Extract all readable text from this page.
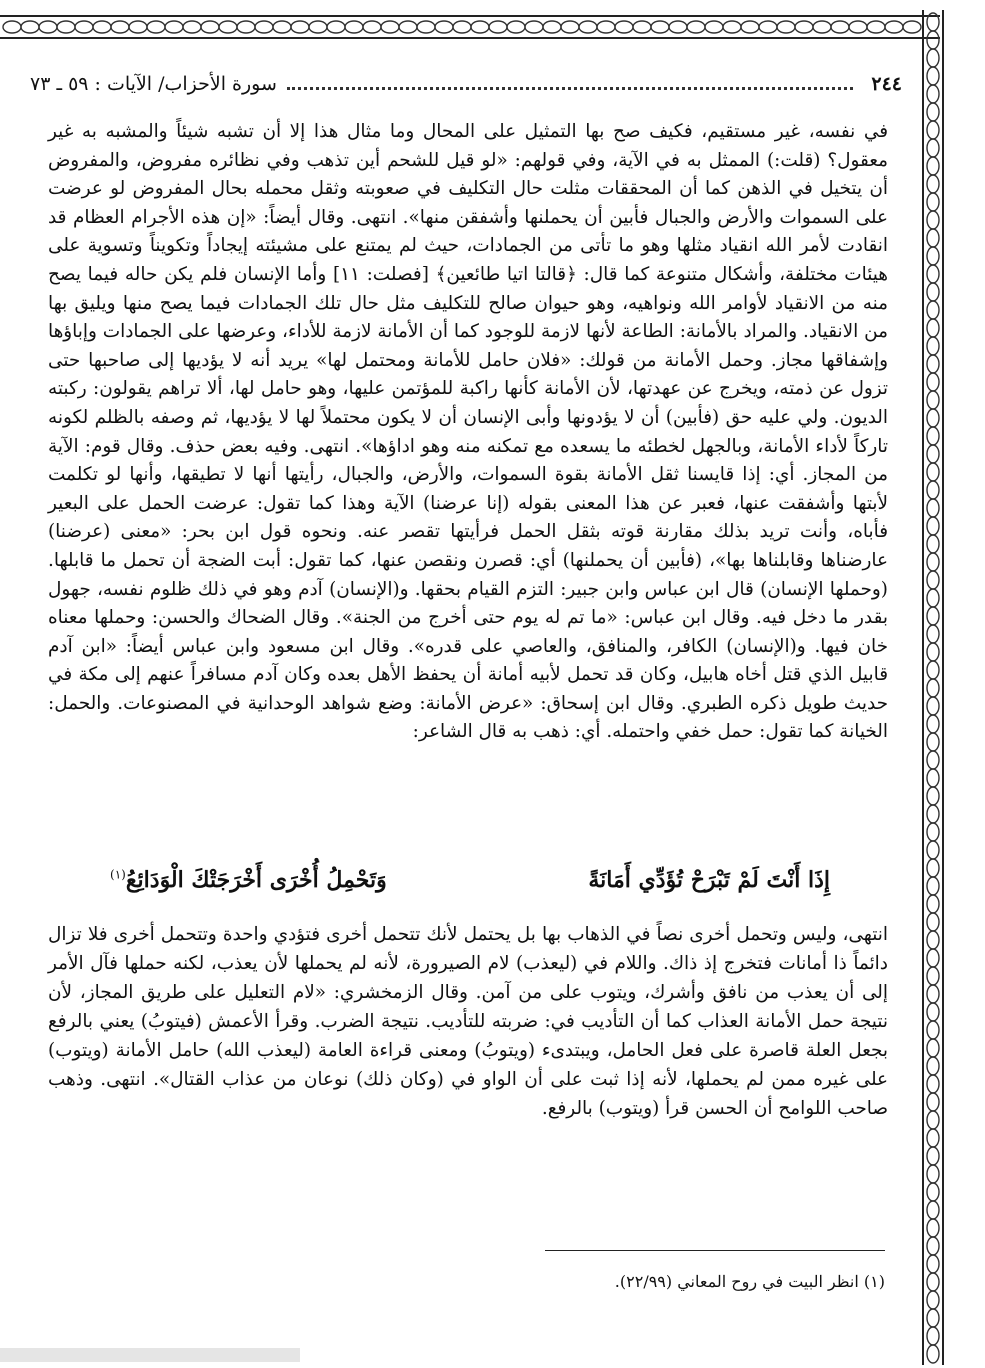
٢٤٤
سورة الأحزاب/ الآيات : ٥٩ ـ ٧٣

في نفسه، غير مستقيم، فكيف صح بها التمثيل على المحال وما مثال هذا إلا أن تشبه شيئاً والمشبه به غير معقول؟ (قلت:) الممثل به في الآية، وفي قولهم: «لو قيل للشحم أين تذهب وفي نظائره مفروض، والمفروض أن يتخيل في الذهن كما أن المحققات مثلت حال التكليف في صعوبته وثقل محمله بحال المفروض لو عرضت على السموات والأرض والجبال فأبين أن يحملنها وأشفقن منها». انتهى. وقال أيضاً: «إن هذه الأجرام العظام قد انقادت لأمر الله انقياد مثلها وهو ما تأتى من الجمادات، حيث لم يمتنع على مشيئته إيجاداً وتكويناً وتسوية على هيئات مختلفة، وأشكال متنوعة كما قال: ﴿قالتا اتيا طائعين﴾ [فصلت: ١١] وأما الإنسان فلم يكن حاله فيما يصح منه من الانقياد لأوامر الله ونواهيه، وهو حيوان صالح للتكليف مثل حال تلك الجمادات فيما يصح منها ويليق بها من الانقياد. والمراد بالأمانة: الطاعة لأنها لازمة للوجود كما أن الأمانة لازمة للأداء، وعرضها على الجمادات وإباؤها وإشفاقها مجاز. وحمل الأمانة من قولك: «فلان حامل للأمانة ومحتمل لها» يريد أنه لا يؤديها إلى صاحبها حتى تزول عن ذمته، ويخرج عن عهدتها، لأن الأمانة كأنها راكبة للمؤتمن عليها، وهو حامل لها، ألا تراهم يقولون: ركبته الديون. ولي عليه حق (فأبين) أن لا يؤدونها وأبى الإنسان أن لا يكون محتملاً لها لا يؤديها، ثم وصفه بالظلم لكونه تاركاً لأداء الأمانة، وبالجهل لخطئه ما يسعده مع تمكنه منه وهو اداؤها». انتهى. وفيه بعض حذف. وقال قوم: الآية من المجاز. أي: إذا قايسنا ثقل الأمانة بقوة السموات، والأرض، والجبال، رأيتها أنها لا تطيقها، وأنها لو تكلمت لأبتها وأشفقت عنها، فعبر عن هذا المعنى بقوله (إنا عرضنا) الآية وهذا كما تقول: عرضت الحمل على البعير فأباه، وأنت تريد بذلك مقارنة قوته بثقل الحمل فرأيتها تقصر عنه. ونحوه قول ابن بحر: «معنى (عرضنا) عارضناها وقابلناها بها»، (فأبين أن يحملنها) أي: قصرن ونقصن عنها، كما تقول: أبت الضجة أن تحمل ما قابلها. (وحملها الإنسان) قال ابن عباس وابن جبير: التزم القيام بحقها. و(الإنسان) آدم وهو في ذلك ظلوم نفسه، جهول بقدر ما دخل فيه. وقال ابن عباس: «ما تم له يوم حتى أخرج من الجنة». وقال الضحاك والحسن: وحملها معناه خان فيها. و(الإنسان) الكافر، والمنافق، والعاصي على قدره». وقال ابن مسعود وابن عباس أيضاً: «ابن آدم قابيل الذي قتل أخاه هابيل، وكان قد تحمل لأبيه أمانة أن يحفظ الأهل بعده وكان آدم مسافراً عنهم إلى مكة في حديث طويل ذكره الطبري. وقال ابن إسحاق: «عرض الأمانة: وضع شواهد الوحدانية في المصنوعات. والحمل: الخيانة كما تقول: حمل خفي واحتمله. أي: ذهب به قال الشاعر:

إِذَا أَنْتَ لَمْ تَبْرَحْ تُؤَدِّي أَمَانَةً
وَتَحْمِلُ أُخْرَى أَخْرَجَتْكَ الْوَدَائِعُ$^{(١)}$

انتهى، وليس وتحمل أخرى نصاً في الذهاب بها بل يحتمل لأنك تتحمل أخرى فتؤدي واحدة وتتحمل أخرى فلا تزال دائماً ذا أمانات فتخرج إذ ذاك. واللام في (ليعذب) لام الصيرورة، لأنه لم يحملها لأن يعذب، لكنه حملها فآل الأمر إلى أن يعذب من نافق وأشرك، ويتوب على من آمن. وقال الزمخشري: «لام التعليل على طريق المجاز، لأن نتيجة حمل الأمانة العذاب كما أن التأديب في: ضربته للتأديب. نتيجة الضرب. وقرأ الأعمش (فيتوبُ) يعني بالرفع بجعل العلة قاصرة على فعل الحامل، ويبتدىء (ويتوبُ) ومعنى قراءة العامة (ليعذب الله) حامل الأمانة (ويتوب) على غيره ممن لم يحملها، لأنه إذا ثبت على أن الواو في (وكان ذلك) نوعان من عذاب القتال». انتهى. وذهب صاحب اللوامح أن الحسن قرأ (ويتوب) بالرفع.

(١) انظر البيت في روح المعاني (٢٢/٩٩).
